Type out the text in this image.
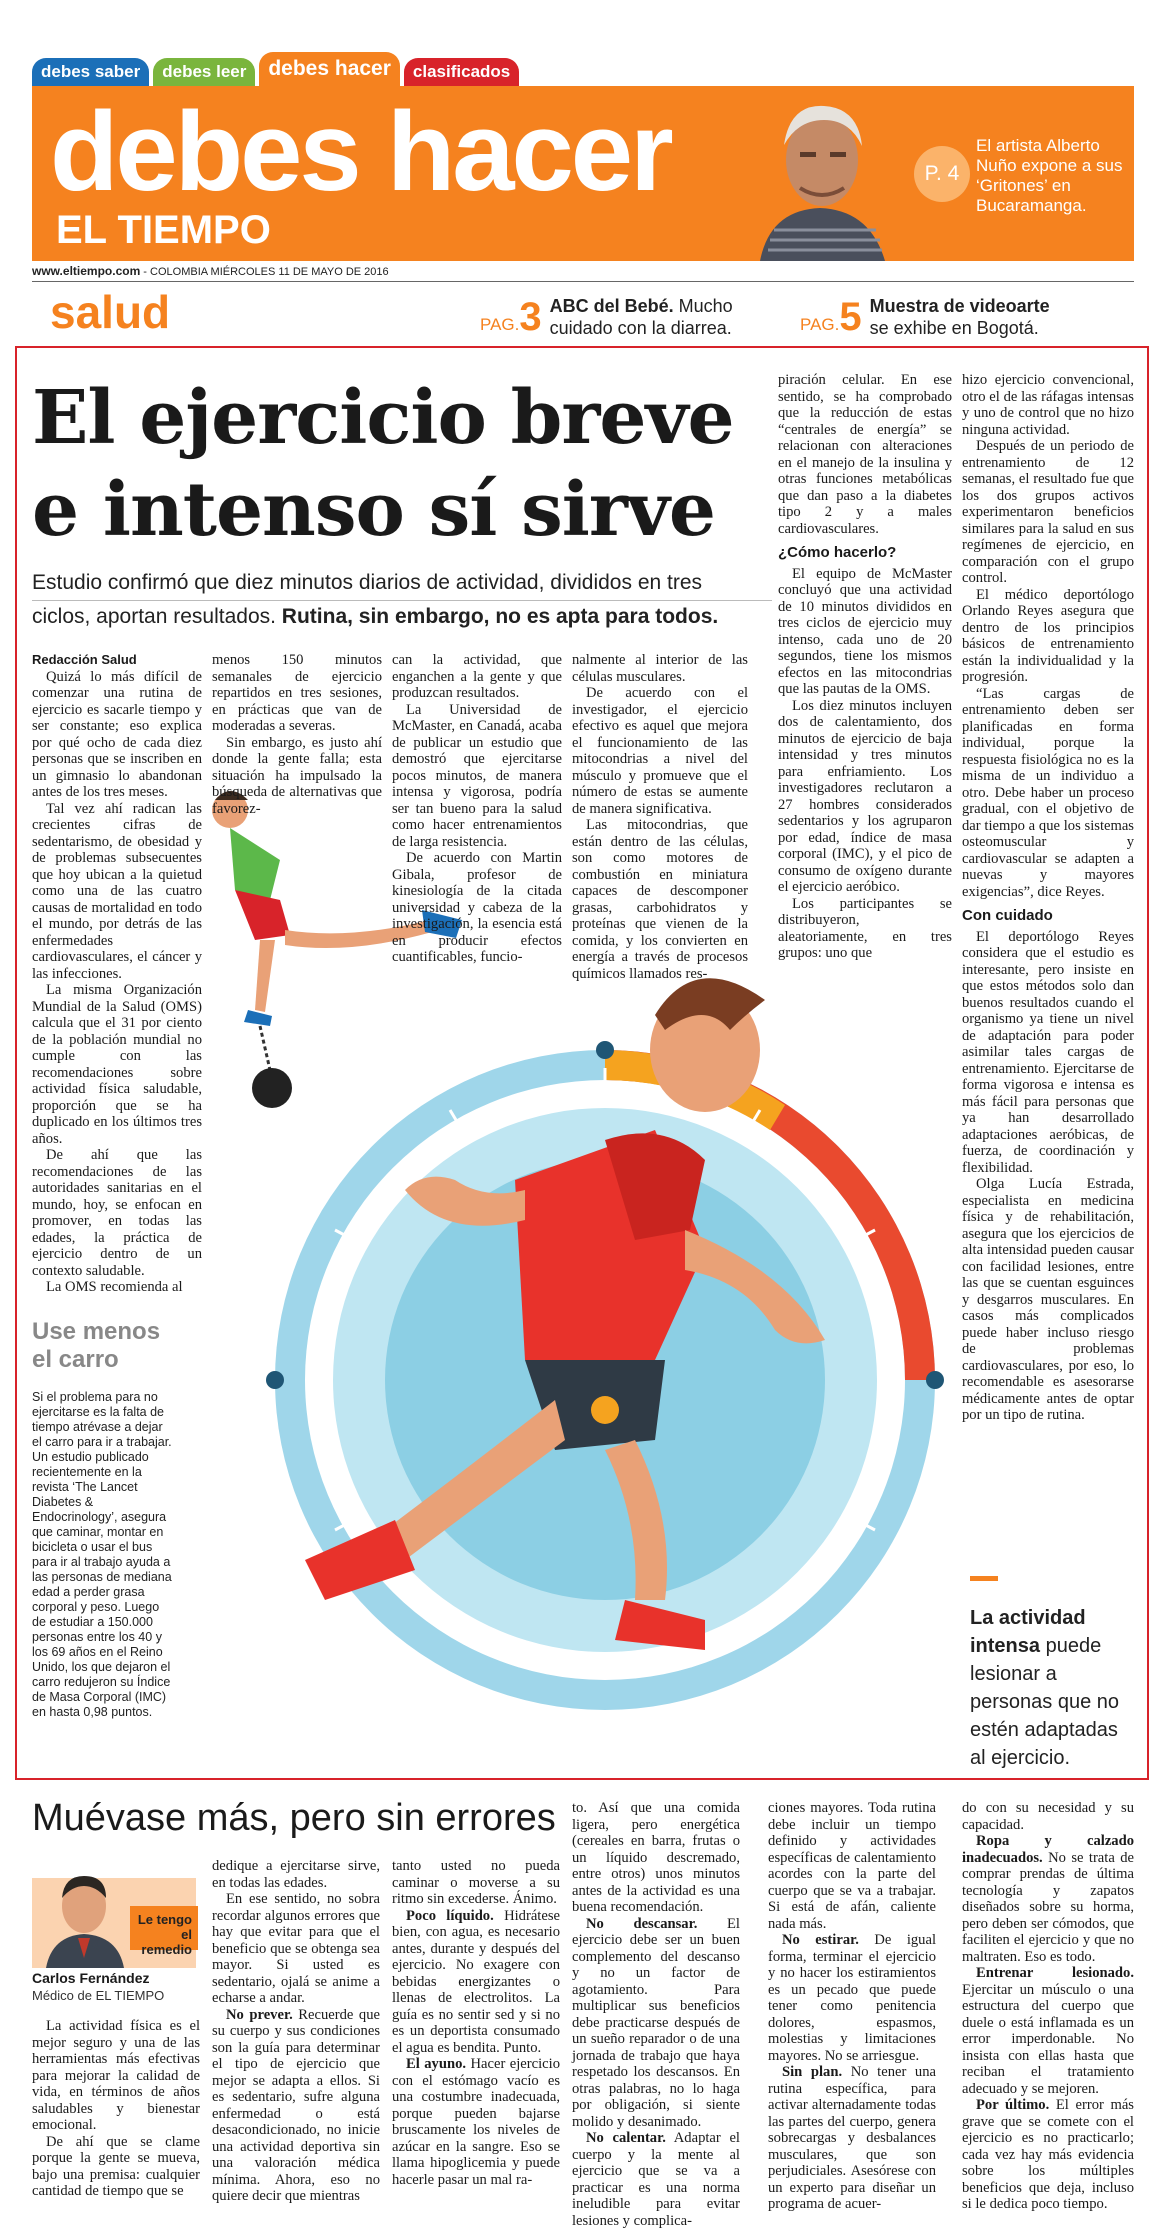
debes saber	debes leer	debes hacer	clasificados
debes hacer
EL TIEMPO
P. 4
El artista Alberto Nuño expone a sus ‘Gritones’ en Bucaramanga.
www.eltiempo.com - COLOMBIA MIÉRCOLES 11 DE MAYO DE 2016
salud	PAG.3 ABC del Bebé. Mucho
cuidado con la diarrea.	PAG.5 Muestra de videoarte
se exhibe en Bogotá.
El ejercicio breve
e intenso sí sirve
Estudio confirmó que diez minutos diarios de actividad, divididos en tres
ciclos, aportan resultados. Rutina, sin embargo, no es apta para todos.
Redacción Salud

Quizá lo más difícil de comenzar una rutina de ejercicio es sacarle tiempo y ser constante; eso explica por qué ocho de cada diez personas que se inscriben en un gimnasio lo abandonan antes de los tres meses.

Tal vez ahí radican las crecientes cifras de sedentarismo, de obesidad y de problemas subsecuentes que hoy ubican a la quietud como una de las cuatro causas de mortalidad en todo el mundo, por detrás de las enfermedades cardiovasculares, el cáncer y las infecciones.

La misma Organización Mundial de la Salud (OMS) calcula que el 31 por ciento de la población mundial no cumple con las recomendaciones sobre actividad física saludable, proporción que se ha duplicado en los últimos tres años.

De ahí que las recomendaciones de las autoridades sanitarias en el mundo, hoy, se enfocan en promover, en todas las edades, la práctica de ejercicio dentro de un contexto saludable.

La OMS recomienda al

menos 150 minutos semanales de ejercicio repartidos en tres sesiones, en prácticas que van de moderadas a severas.

Sin embargo, es justo ahí donde la gente falla; esta situación ha impulsado la búsqueda de alternativas que favorez-

can la actividad, que enganchen a la gente y que produzcan resultados.

La Universidad de McMaster, en Canadá, acaba de publicar un estudio que demostró que ejercitarse pocos minutos, de manera intensa y vigorosa, podría ser tan bueno para la salud como hacer entrenamientos de larga resistencia.

De acuerdo con Martin Gibala, profesor de kinesiología de la citada universidad y cabeza de la investigación, la esencia está en producir efectos cuantificables, funcio-

nalmente al interior de las células musculares.

De acuerdo con el investigador, el ejercicio efectivo es aquel que mejora el funcionamiento de las mitocondrias a nivel del músculo y promueve que el número de estas se aumente de manera significativa.

Las mitocondrias, que están dentro de las células, son como motores de combustión en miniatura capaces de descomponer grasas, carbohidratos y proteínas que vienen de la comida, y los convierten en energía a través de procesos químicos llamados res-

piración celular. En ese sentido, se ha comprobado que la reducción de estas “centrales de energía” se relacionan con alteraciones en el manejo de la insulina y otras funciones metabólicas que dan paso a la diabetes tipo 2 y a males cardiovasculares.

¿Cómo hacerlo?

El equipo de McMaster concluyó que una actividad de 10 minutos divididos en tres ciclos de ejercicio muy intenso, cada uno de 20 segundos, tiene los mismos efectos en las mitocondrias que las pautas de la OMS.

Los diez minutos incluyen dos de calentamiento, dos minutos de ejercicio de baja intensidad y tres minutos para enfriamiento. Los investigadores reclutaron a 27 hombres considerados sedentarios y los agruparon por edad, índice de masa corporal (IMC), y el pico de consumo de oxígeno durante el ejercicio aeróbico.

Los participantes se distribuyeron, aleatoriamente, en tres grupos: uno que

hizo ejercicio convencional, otro el de las ráfagas intensas y uno de control que no hizo ninguna actividad.

Después de un periodo de entrenamiento de 12 semanas, el resultado fue que los dos grupos activos experimentaron beneficios similares para la salud en sus regímenes de ejercicio, en comparación con el grupo control.

El médico deportólogo Orlando Reyes asegura que dentro de los principios básicos de entrenamiento están la individualidad y la progresión.

“Las cargas de entrenamiento deben ser planificadas en forma individual, porque la respuesta fisiológica no es la misma de un individuo a otro. Debe haber un proceso gradual, con el objetivo de dar tiempo a que los sistemas osteomuscular y cardiovascular se adapten a nuevas y mayores exigencias”, dice Reyes.

Con cuidado

El deportólogo Reyes considera que el estudio es interesante, pero insiste en que estos métodos solo dan buenos resultados cuando el organismo ya tiene un nivel de adaptación para poder asimilar tales cargas de entrenamiento. Ejercitarse de forma vigorosa e intensa es más fácil para personas que ya han desarrollado adaptaciones aeróbicas, de fuerza, de coordinación y flexibilidad.

Olga Lucía Estrada, especialista en medicina física y de rehabilitación, asegura que los ejercicios de alta intensidad pueden causar con facilidad lesiones, entre las que se cuentan esguinces y desgarros musculares. En casos más complicados puede haber incluso riesgo de problemas cardiovasculares, por eso, lo recomendable es asesorarse médicamente antes de optar por un tipo de rutina.

Use menos
el carro
Si el problema para no ejercitarse es la falta de tiempo atrévase a dejar el carro para ir a trabajar. Un estudio publicado recientemente en la revista ‘The Lancet Diabetes & Endocrinology’, asegura que caminar, montar en bicicleta o usar el bus para ir al trabajo ayuda a las personas de mediana edad a perder grasa corporal y peso. Luego de estudiar a 150.000 personas entre los 40 y los 69 años en el Reino Unido, los que dejaron el carro redujeron su Índice de Masa Corporal (IMC) en hasta 0,98 puntos.
La actividad
intensa puede lesionar a personas que no estén adaptadas al ejercicio.
Muévase más, pero sin errores
Le tengo el remedio
Carlos Fernández
Médico de EL TIEMPO

La actividad física es el mejor seguro y una de las herramientas más efectivas para mejorar la calidad de vida, en términos de años saludables y bienestar emocional.

De ahí que se clame porque la gente se mueva, bajo una premisa: cualquier cantidad de tiempo que se

dedique a ejercitarse sirve, en todas las edades.

En ese sentido, no sobra recordar algunos errores que hay que evitar para que el beneficio que se obtenga sea mayor. Si usted es sedentario, ojalá se anime a echarse a andar.

No prever. Recuerde que su cuerpo y sus condiciones son la guía para determinar el tipo de ejercicio que mejor se adapta a ellos. Si es sedentario, sufre alguna enfermedad o está desacondicionado, no inicie una actividad deportiva sin una valoración médica mínima. Ahora, eso no quiere decir que mientras

tanto usted no pueda caminar o moverse a su ritmo sin excederse. Ánimo.

Poco líquido. Hidrátese bien, con agua, es necesario antes, durante y después del ejercicio. No exagere con bebidas energizantes o llenas de electrolitos. La guía es no sentir sed y si no es un deportista consumado el agua es bendita. Punto.

El ayuno. Hacer ejercicio con el estómago vacío es una costumbre inadecuada, porque pueden bajarse bruscamente los niveles de azúcar en la sangre. Eso se llama hipoglicemia y puede hacerle pasar un mal ra-

to. Así que una comida ligera, pero energética (cereales en barra, frutas o un líquido descremado, entre otros) unos minutos antes de la actividad es una buena recomendación.

No descansar. El ejercicio debe ser un buen complemento del descanso y no un factor de agotamiento. Para multiplicar sus beneficios debe practicarse después de un sueño reparador o de una jornada de trabajo que haya respetado los descansos. En otras palabras, no lo haga por obligación, si siente molido y desanimado.

No calentar. Adaptar el cuerpo y la mente al ejercicio que se va a practicar es una norma ineludible para evitar lesiones y complica-

ciones mayores. Toda rutina debe incluir un tiempo definido y actividades específicas de calentamiento acordes con la parte del cuerpo que se va a trabajar. Si está de afán, caliente nada más.

No estirar. De igual forma, terminar el ejercicio y no hacer los estiramientos es un pecado que puede tener como penitencia dolores, espasmos, molestias y limitaciones mayores. No se arriesgue.

Sin plan. No tener una rutina específica, para activar alternadamente todas las partes del cuerpo, genera sobrecargas y desbalances musculares, que son perjudiciales. Asesórese con un experto para diseñar un programa de acuer-

do con su necesidad y su capacidad.

Ropa y calzado inadecuados. No se trata de comprar prendas de última tecnología y zapatos diseñados sobre su horma, pero deben ser cómodos, que faciliten el ejercicio y que no maltraten. Eso es todo.

Entrenar lesionado. Ejercitar un músculo o una estructura del cuerpo que duele o está inflamada es un error imperdonable. No insista con ellas hasta que reciban el tratamiento adecuado y se mejoren.

Por último. El error más grave que se comete con el ejercicio es no practicarlo; cada vez hay más evidencia sobre los múltiples beneficios que deja, incluso si le dedica poco tiempo.
